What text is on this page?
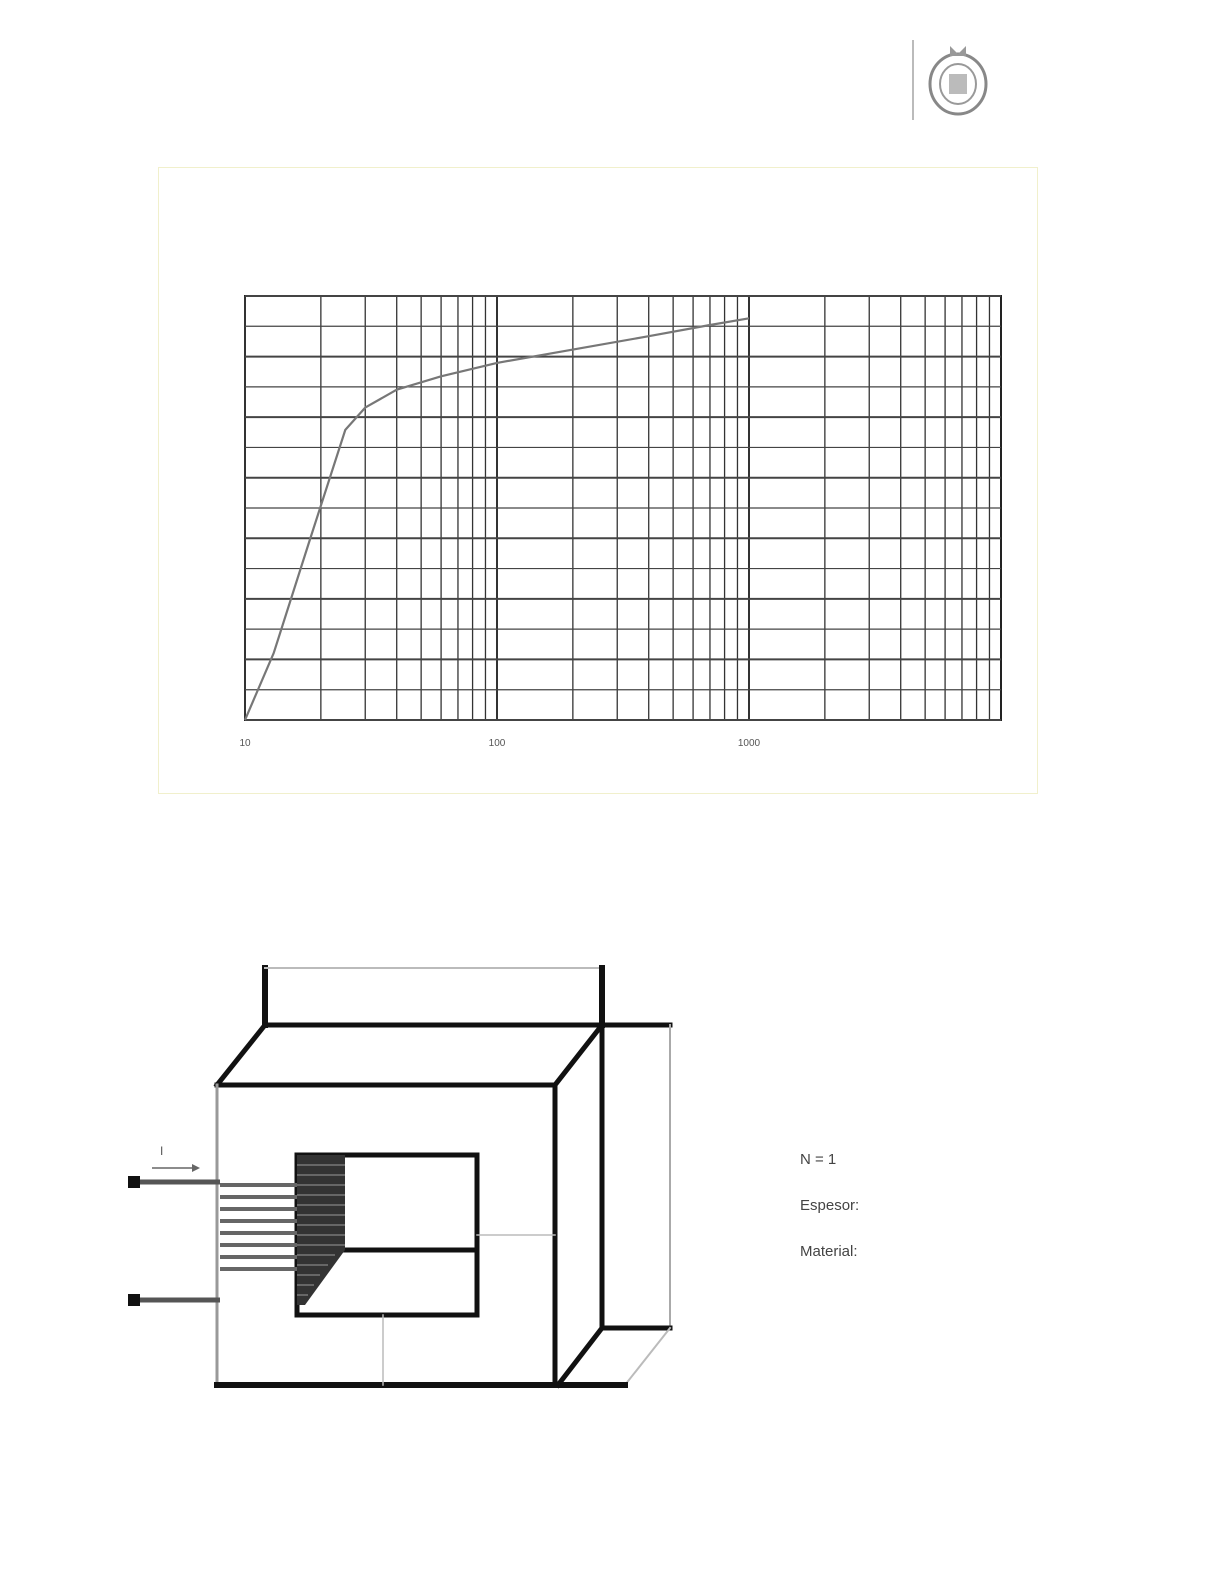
10	100	1000
I	N = 1
Espesor:
Material:
